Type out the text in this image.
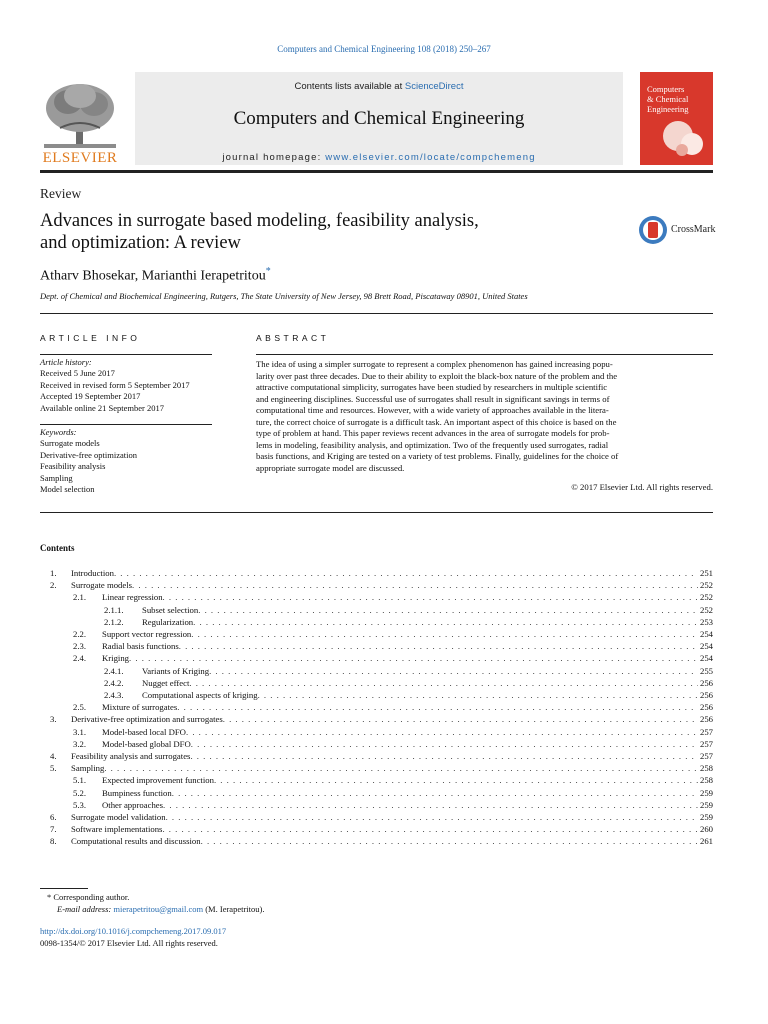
Computers and Chemical Engineering 108 (2018) 250–267
ELSEVIER
Contents lists available at ScienceDirect
Computers and Chemical Engineering
journal homepage: www.elsevier.com/locate/compchemeng
Computers
& Chemical
Engineering
Review
Advances in surrogate based modeling, feasibility analysis,
and optimization: A review
CrossMark
Atharv Bhosekar, Marianthi Ierapetritou*
Dept. of Chemical and Biochemical Engineering, Rutgers, The State University of New Jersey, 98 Brett Road, Piscataway 08901, United States
ARTICLE INFO
Article history:
Received 5 June 2017
Received in revised form 5 September 2017
Accepted 19 September 2017
Available online 21 September 2017
Keywords:
Surrogate models
Derivative-free optimization
Feasibility analysis
Sampling
Model selection
ABSTRACT
The idea of using a simpler surrogate to represent a complex phenomenon has gained increasing popu-
larity over past three decades. Due to their ability to exploit the black-box nature of the problem and the
attractive computational simplicity, surrogates have been studied by researchers in multiple scientific
and engineering disciplines. Successful use of surrogates shall result in significant savings in terms of
computational time and resources. However, with a wide variety of approaches available in the litera-
ture, the correct choice of surrogate is a difficult task. An important aspect of this choice is based on the
type of problem at hand. This paper reviews recent advances in the area of surrogate models for prob-
lems in modeling, feasibility analysis, and optimization. Two of the frequently used surrogates, radial
basis functions, and Kriging are tested on a variety of test problems. Finally, guidelines for the choice of
appropriate surrogate model are discussed.
© 2017 Elsevier Ltd. All rights reserved.
Contents
1. Introduction . . .	251
2. Surrogate models . . .	252
2.1. Linear regression . . .	252
2.1.1. Subset selection . . .	252
2.1.2. Regularization . . .	253
2.2. Support vector regression . . .	254
2.3. Radial basis functions . . .	254
2.4. Kriging . . .	254
2.4.1. Variants of Kriging . . .	255
2.4.2. Nugget effect . . .	256
2.4.3. Computational aspects of kriging . . .	256
2.5. Mixture of surrogates . . .	256
3. Derivative-free optimization and surrogates . . .	256
3.1. Model-based local DFO . . .	257
3.2. Model-based global DFO . . .	257
4. Feasibility analysis and surrogates . . .	257
5. Sampling . . .	258
5.1. Expected improvement function . . .	258
5.2. Bumpiness function . . .	259
5.3. Other approaches . . .	259
6. Surrogate model validation . . .	259
7. Software implementations . . .	260
8. Computational results and discussion . . .	261
* Corresponding author.
E-mail address: mierapetritou@gmail.com (M. Ierapetritou).
http://dx.doi.org/10.1016/j.compchemeng.2017.09.017
0098-1354/© 2017 Elsevier Ltd. All rights reserved.
